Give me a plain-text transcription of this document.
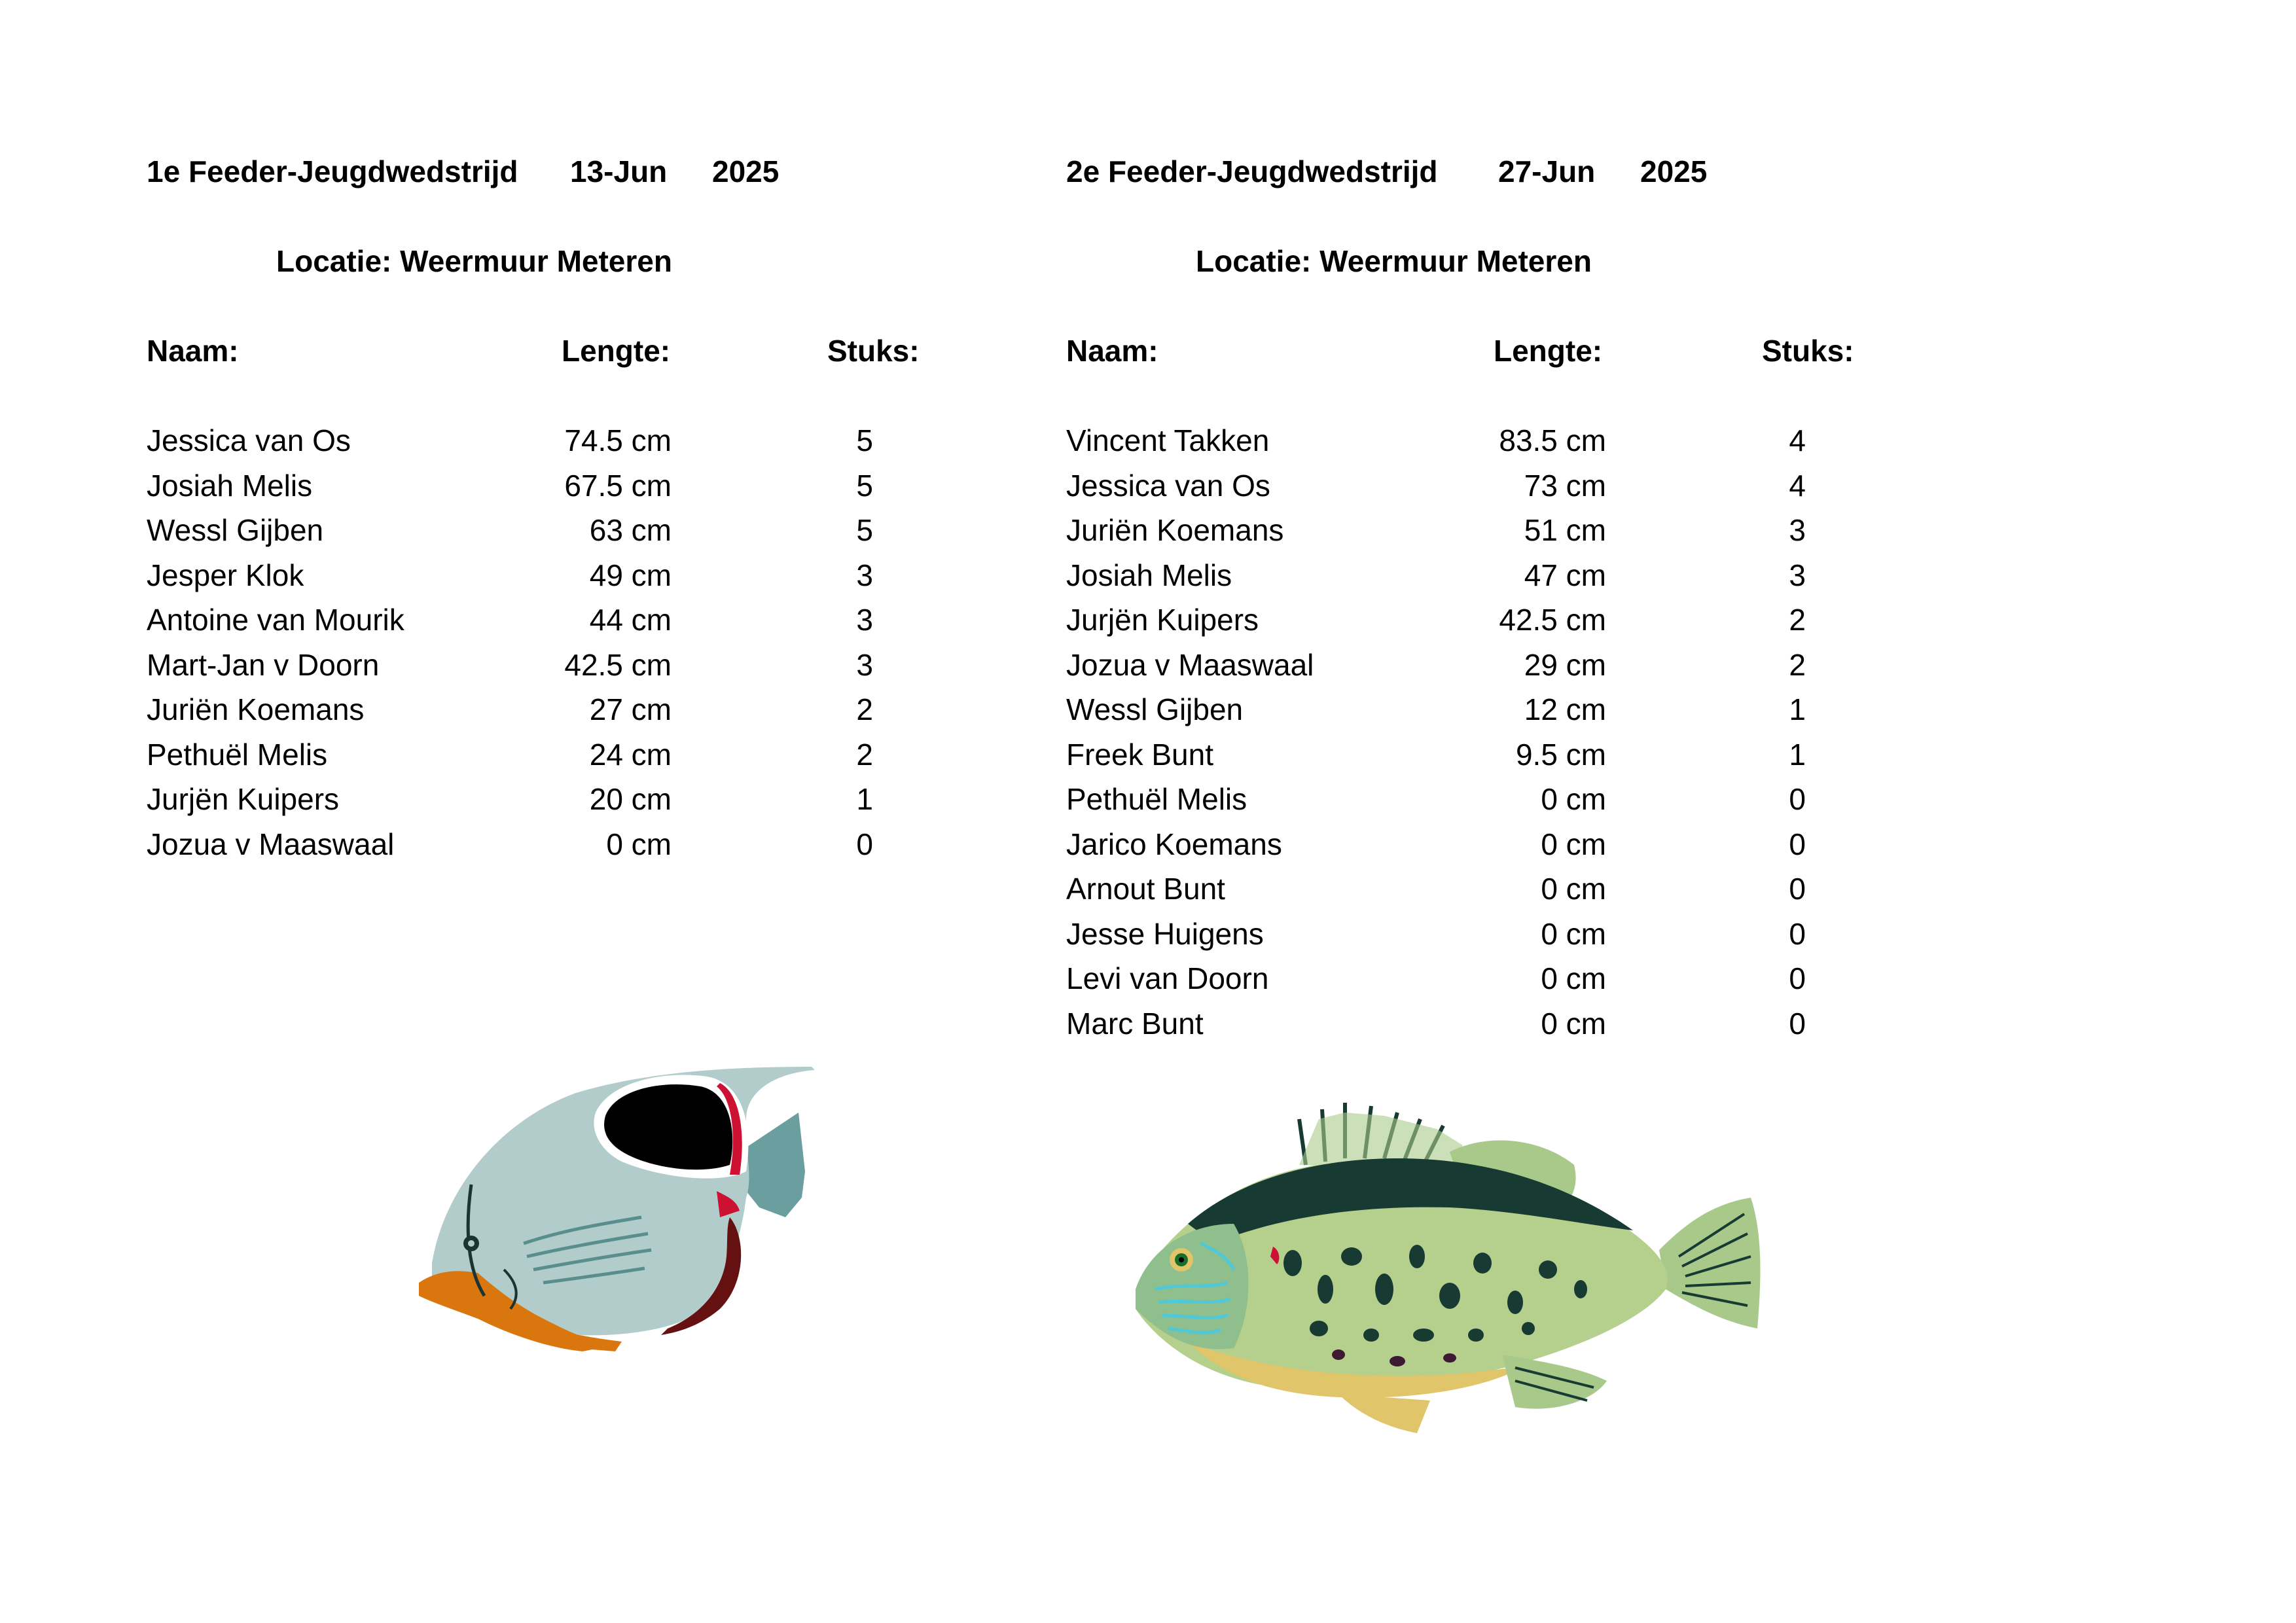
1e Feeder-Jeugdwedstrijd 13-Jun 2025
Locatie: Weermuur Meteren
Naam:	Lengte:	Stuks:
Jessica van Os	74.5 cm	5
Josiah Melis	67.5 cm	5
Wessl Gijben	63 cm	5
Jesper Klok	49 cm	3
Antoine van Mourik	44 cm	3
Mart-Jan v Doorn	42.5 cm	3
Juriën Koemans	27 cm	2
Pethuël Melis	24 cm	2
Jurjën Kuipers	20 cm	1
Jozua v Maaswaal	0 cm	0
2e Feeder-Jeugdwedstrijd 27-Jun 2025
Locatie: Weermuur Meteren
Naam:	Lengte:	Stuks:
Vincent Takken	83.5 cm	4
Jessica van Os	73 cm	4
Juriën Koemans	51 cm	3
Josiah Melis	47 cm	3
Jurjën Kuipers	42.5 cm	2
Jozua v Maaswaal	29 cm	2
Wessl Gijben	12 cm	1
Freek Bunt	9.5 cm	1
Pethuël Melis	0 cm	0
Jarico Koemans	0 cm	0
Arnout Bunt	0 cm	0
Jesse Huigens	0 cm	0
Levi van Doorn	0 cm	0
Marc Bunt	0 cm	0
